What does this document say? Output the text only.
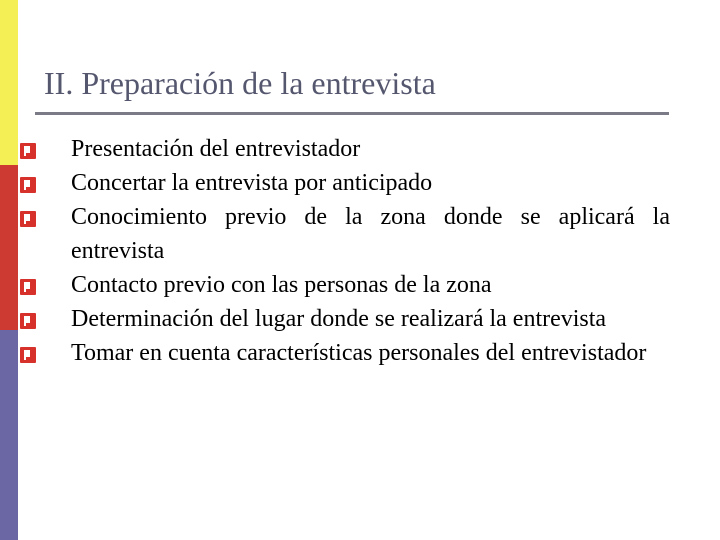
II. Preparación de la entrevista
Presentación del entrevistador
Concertar la entrevista por anticipado
Conocimiento previo de la zona donde se aplicará la entrevista
Contacto previo con las personas de la zona
Determinación del lugar donde se realizará la entrevista
Tomar en cuenta características personales del entrevistador
